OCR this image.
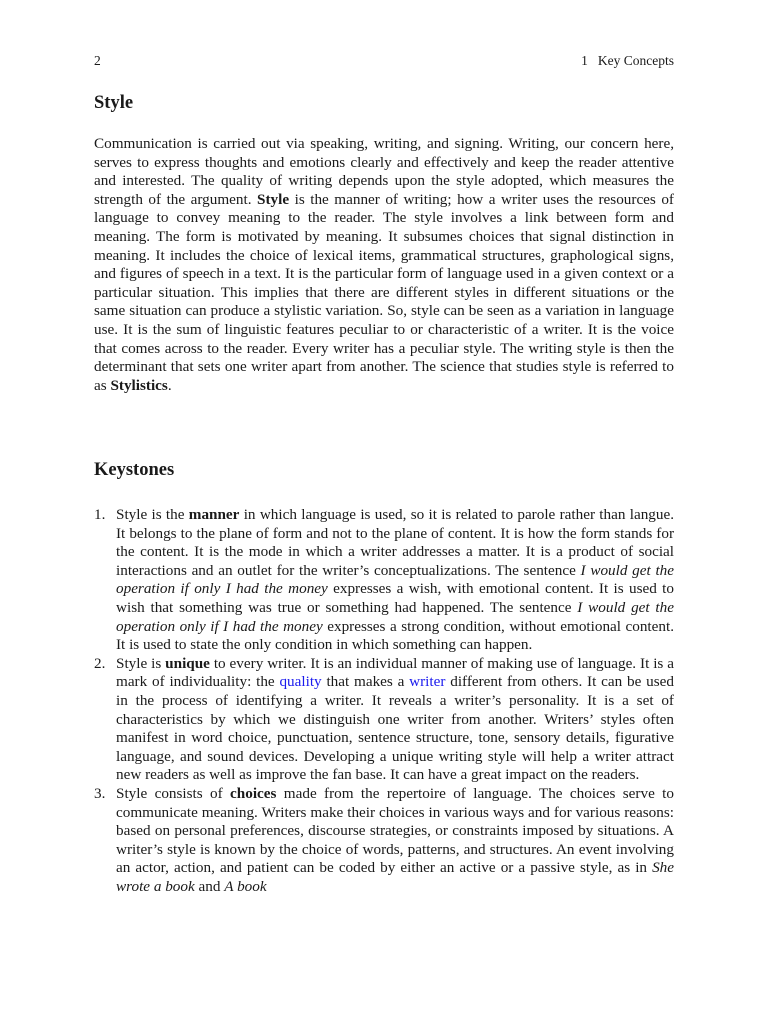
2	1 Key Concepts
Style

Communication is carried out via speaking, writing, and signing. Writing, our concern here, serves to express thoughts and emotions clearly and effectively and keep the reader attentive and interested. The quality of writing depends upon the style adopted, which measures the strength of the argument. Style is the manner of writing; how a writer uses the resources of language to convey meaning to the reader. The style involves a link between form and meaning. The form is motivated by meaning. It subsumes choices that signal distinction in meaning. It includes the choice of lexical items, grammatical structures, graphological signs, and figures of speech in a text. It is the particular form of language used in a given context or a particular situation. This implies that there are different styles in different situations or the same situation can produce a stylistic variation. So, style can be seen as a variation in language use. It is the sum of linguistic features peculiar to or characteristic of a writer. It is the voice that comes across to the reader. Every writer has a peculiar style. The writing style is then the determinant that sets one writer apart from another. The science that studies style is referred to as Stylistics.

Keystones
1. Style is the manner in which language is used, so it is related to parole rather than langue. It belongs to the plane of form and not to the plane of content. It is how the form stands for the content. It is the mode in which a writer addresses a matter. It is a product of social interactions and an outlet for the writer’s conceptualizations. The sentence I would get the operation if only I had the money expresses a wish, with emotional content. It is used to wish that something was true or something had happened. The sentence I would get the operation only if I had the money expresses a strong condition, without emotional content. It is used to state the only condition in which something can happen.
2. Style is unique to every writer. It is an individual manner of making use of language. It is a mark of individuality: the quality that makes a writer different from others. It can be used in the process of identifying a writer. It reveals a writer’s personality. It is a set of characteristics by which we distinguish one writer from another. Writers’ styles often manifest in word choice, punctuation, sentence structure, tone, sensory details, figurative language, and sound devices. Developing a unique writing style will help a writer attract new readers as well as improve the fan base. It can have a great impact on the readers.
3. Style consists of choices made from the repertoire of language. The choices serve to communicate meaning. Writers make their choices in various ways and for various reasons: based on personal preferences, discourse strategies, or constraints imposed by situations. A writer’s style is known by the choice of words, patterns, and structures. An event involving an actor, action, and patient can be coded by either an active or a passive style, as in She wrote a book and A book
